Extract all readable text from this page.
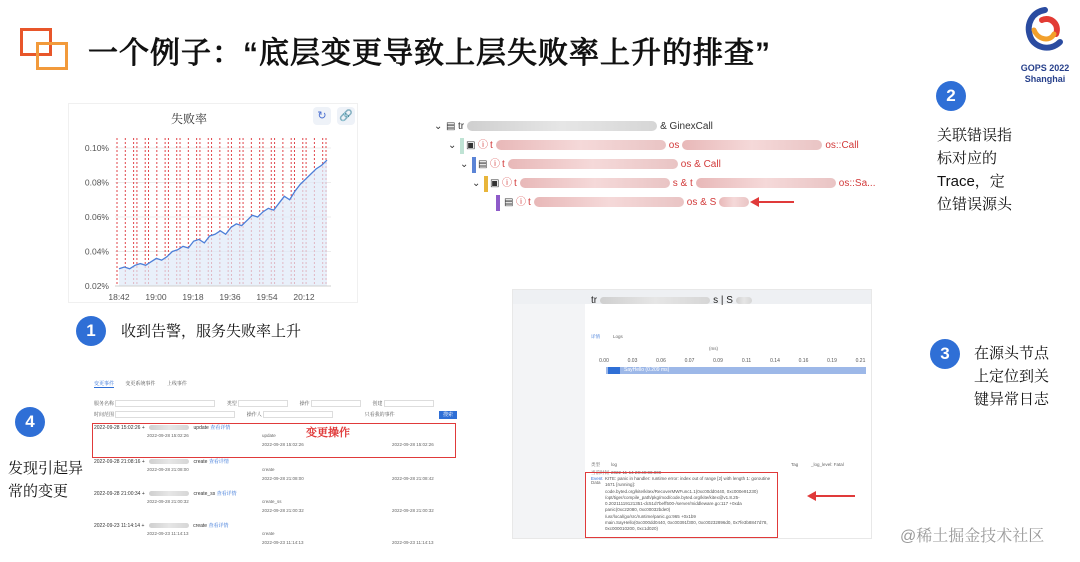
一个例子：“底层变更导致上层失败率上升的排查”	GOPS 2022
Shanghai
失败率	↻	🔗
0.10%
0.08%
0.06%
0.04%
0.02%
18:42 19:00 19:18 19:36 19:54 20:12
1	收到告警，服务失败率上升
⌄ ▤ tr	& GinexCall
⌄ ▣ ⓘ t	os	os::Call
⌄ ▤ ⓘ t	os & Call
⌄ ▣ ⓘ t	s & t	os::Sa...
▤ ⓘ t	os & S
2
关联错误指
标对应的
Trace，定
位错误源头
tr	s | S
详情	Logs
Event
类型 log	Tag	_log_level: Fatal
当前时间 2022-11-14 20:49:00.000
Data
(ms)
0.00	0.03	0.06	0.07	0.09	0.11	0.14	0.16	0.19	0.21
SayHello (0.209 ms)
KITE: panic in handler: runtime error: index out of range [2] with length 1: goroutine
1671 [running]:
code.byted.org/kite/kitex/RecoverMWFunc1.1(0xc00dd0440, 0xc000e91230)
/opt/tiger/compile_path/pkg/mod/code.byted.org/kite/kitex@v1.8.25-
0.20211119121351-dc51d7beff500-/server/middleware.go:117 +0xda
panic(0xc22080, 0xc00032bde0)
/usr/local/go/src/runtime/panic.go:965 +0x1b9
main.SayHello(0xc000dd0440, 0xc00391f300, 0xc00232896d0, 0x7fe3b8847d78,
0xc000010200, 0xc1d020)
3	在源头节点
上定位到关
键异常日志
变更事件 变更系统事件 上线事件
服务名称	类型	操作	创建
时间范围	操作人	只看我的事件	搜索
2022-09-28 15:02:26 +	update 查看详情
2022-09-28 15:02:26	update
2022-09-28 15:02:26	2022-09-28 15:02:26
2022-09-28 21:08:16 +	create 查看详情
2022-09-28 21:08:00	create
2022-09-28 21:08:00	2022-09-28 21:08:42
2022-09-28 21:00:34 +	create_ss 查看详情
2022-09-28 21:00:32	create_ss
2022-09-28 21:00:32	2022-09-28 21:00:32
2022-09-23 11:14:14 +	create 查看详情
2022-09-23 11:14:13	create
2022-09-23 11:14:13	2022-09-23 11:14:13
变更操作
4
发现引起异
常的变更
@稀土掘金技术社区
